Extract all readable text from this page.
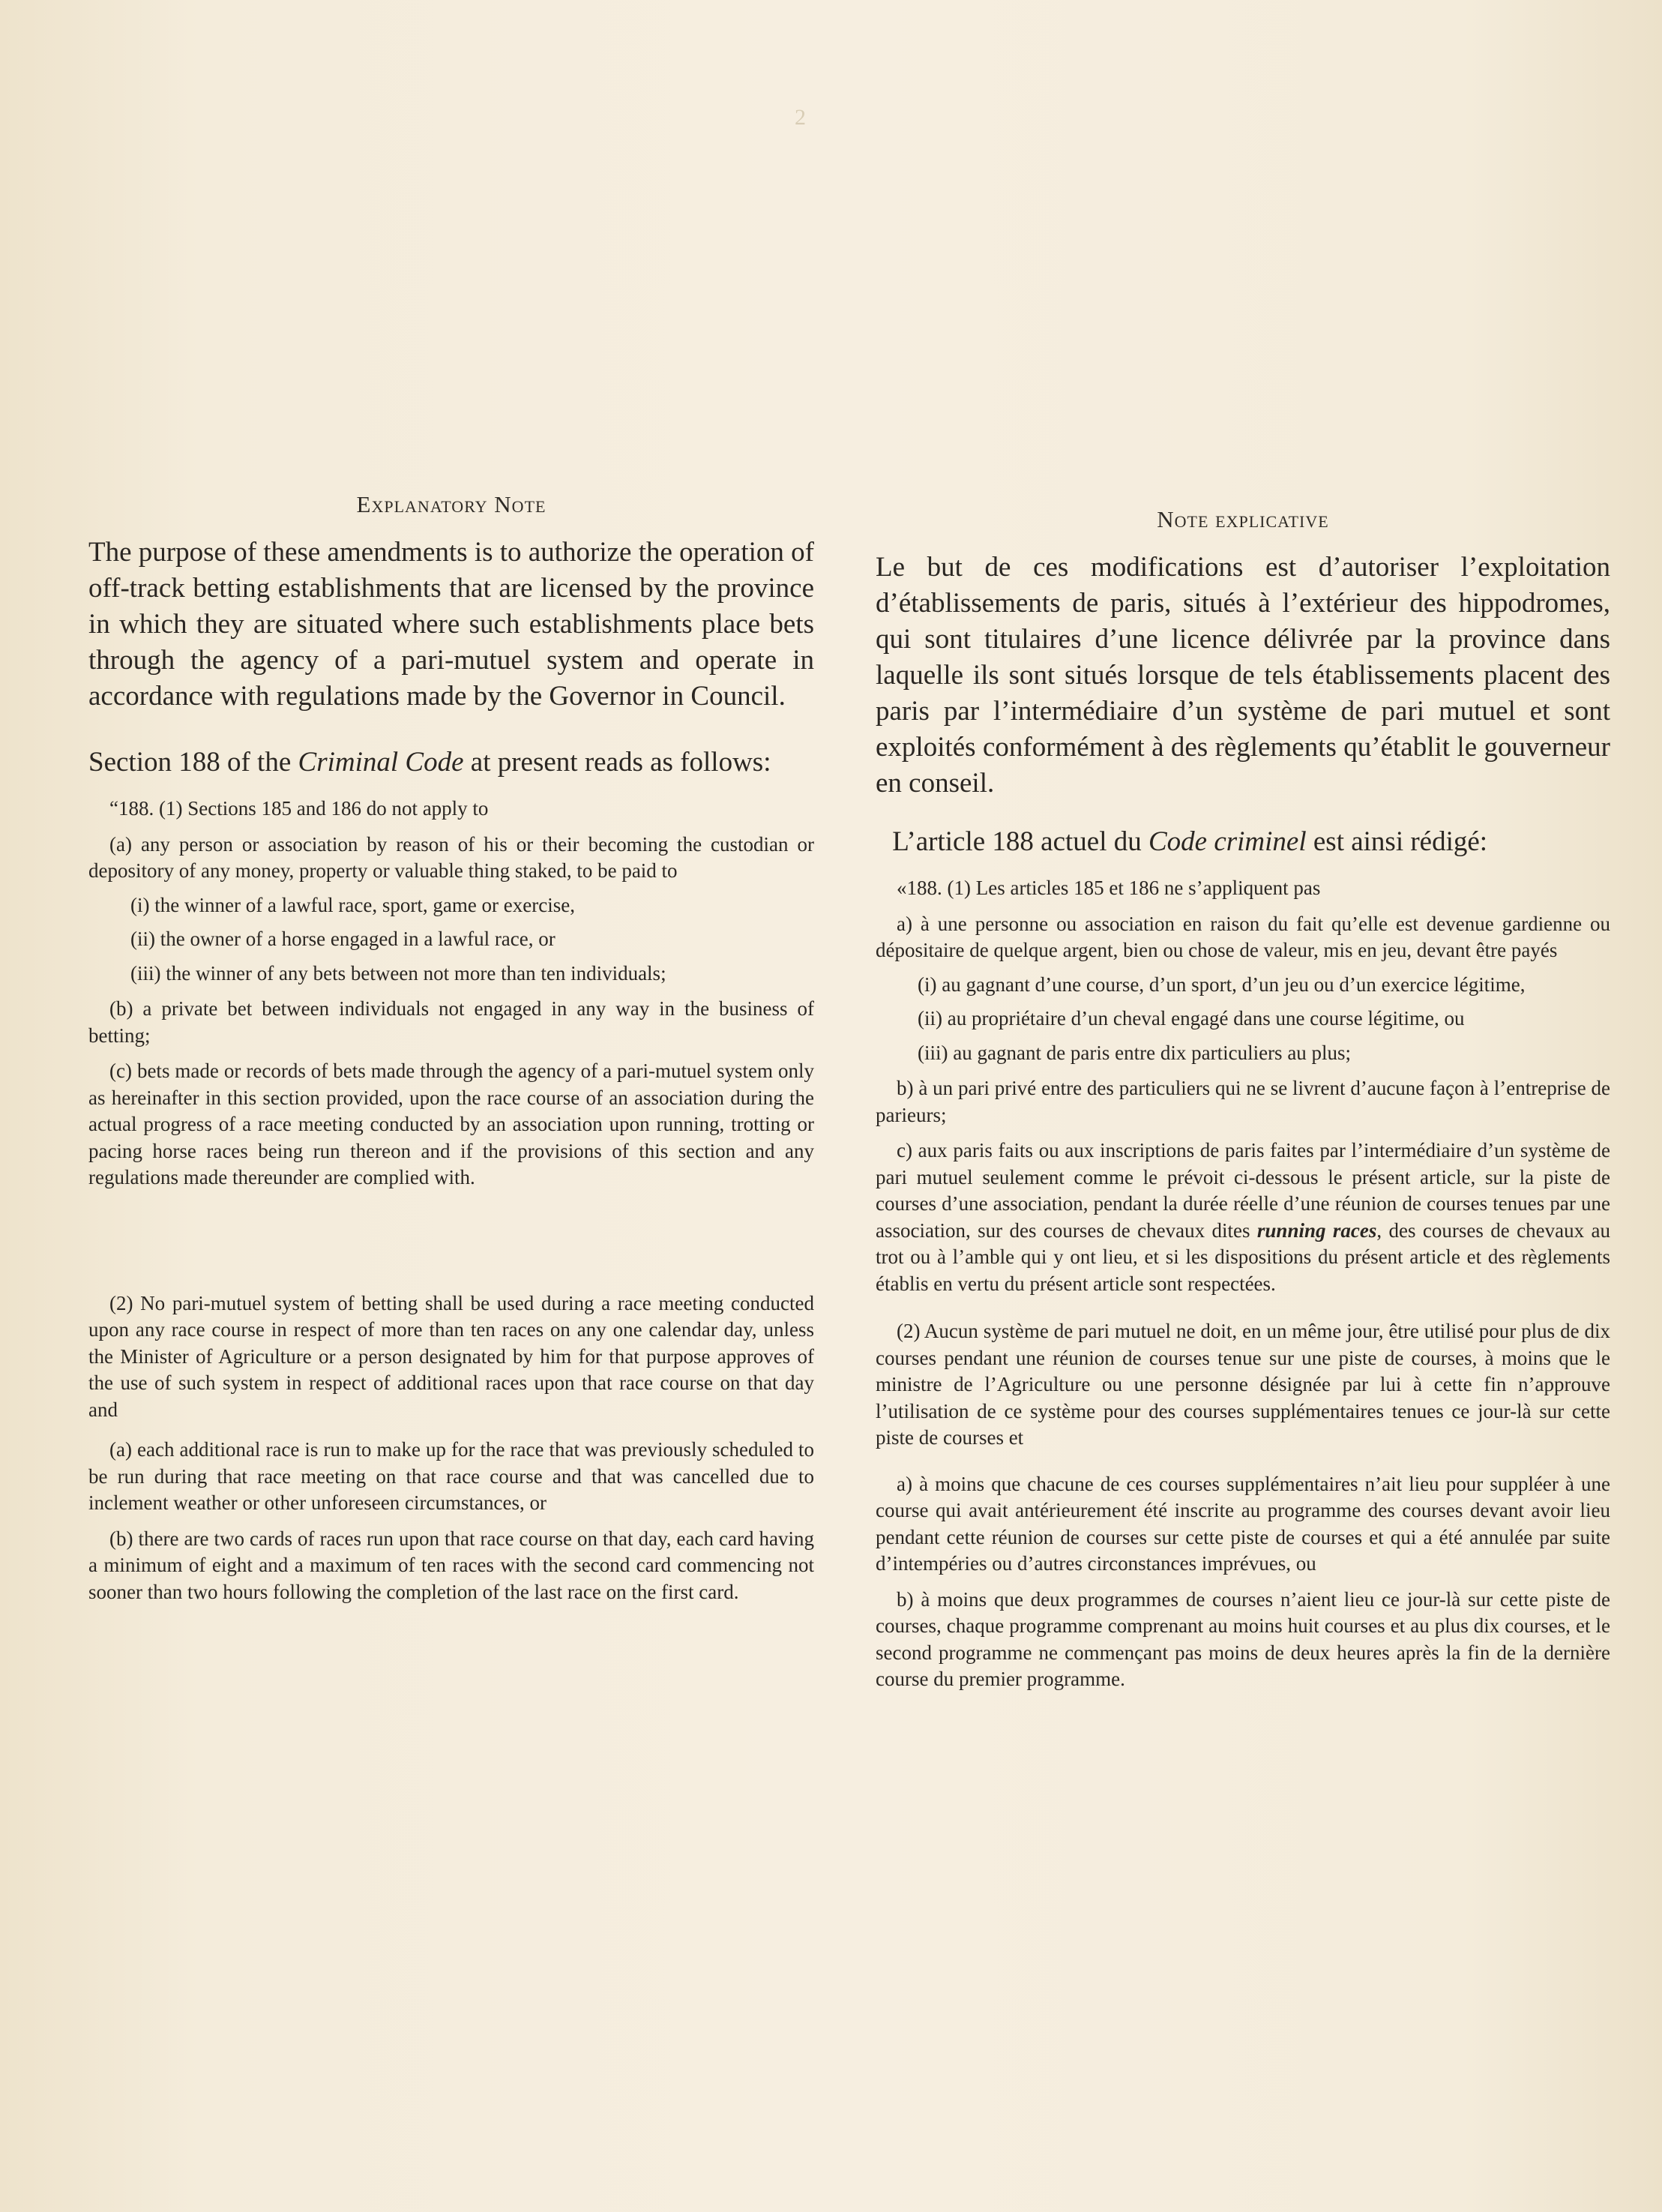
2
Explanatory Note

The purpose of these amendments is to authorize the operation of off-track betting establishments that are licensed by the province in which they are situated where such establishments place bets through the agency of a pari-mutuel system and operate in accordance with regulations made by the Governor in Council.

Section 188 of the Criminal Code at present reads as follows:

“188. (1) Sections 185 and 186 do not apply to

(a) any person or association by reason of his or their becoming the custodian or depository of any money, property or valuable thing staked, to be paid to

(i) the winner of a lawful race, sport, game or exercise,

(ii) the owner of a horse engaged in a lawful race, or

(iii) the winner of any bets between not more than ten individuals;

(b) a private bet between individuals not engaged in any way in the business of betting;

(c) bets made or records of bets made through the agency of a pari-mutuel system only as hereinafter in this section provided, upon the race course of an association during the actual progress of a race meeting conducted by an association upon running, trotting or pacing horse races being run thereon and if the provisions of this section and any regulations made thereunder are complied with.

(2) No pari-mutuel system of betting shall be used during a race meeting conducted upon any race course in respect of more than ten races on any one calendar day, unless the Minister of Agriculture or a person designated by him for that purpose approves of the use of such system in respect of additional races upon that race course on that day and

(a) each additional race is run to make up for the race that was previously scheduled to be run during that race meeting on that race course and that was cancelled due to inclement weather or other unforeseen circumstances, or

(b) there are two cards of races run upon that race course on that day, each card having a minimum of eight and a maximum of ten races with the second card commencing not sooner than two hours following the completion of the last race on the first card.

Note explicative

Le but de ces modifications est d’autoriser l’exploitation d’établissements de paris, situés à l’extérieur des hippodromes, qui sont titulaires d’une licence délivrée par la province dans laquelle ils sont situés lorsque de tels établissements placent des paris par l’intermédiaire d’un système de pari mutuel et sont exploités conformément à des règlements qu’établit le gouverneur en conseil.

L’article 188 actuel du Code criminel est ainsi rédigé:

«188. (1) Les articles 185 et 186 ne s’appliquent pas

a) à une personne ou association en raison du fait qu’elle est devenue gardienne ou dépositaire de quelque argent, bien ou chose de valeur, mis en jeu, devant être payés

(i) au gagnant d’une course, d’un sport, d’un jeu ou d’un exercice légitime,

(ii) au propriétaire d’un cheval engagé dans une course légitime, ou

(iii) au gagnant de paris entre dix particuliers au plus;

b) à un pari privé entre des particuliers qui ne se livrent d’aucune façon à l’entreprise de parieurs;

c) aux paris faits ou aux inscriptions de paris faites par l’intermédiaire d’un système de pari mutuel seulement comme le prévoit ci-dessous le présent article, sur la piste de courses d’une association, pendant la durée réelle d’une réunion de courses tenues par une association, sur des courses de chevaux dites running races, des courses de chevaux au trot ou à l’amble qui y ont lieu, et si les dispositions du présent article et des règlements établis en vertu du présent article sont respectées.

(2) Aucun système de pari mutuel ne doit, en un même jour, être utilisé pour plus de dix courses pendant une réunion de courses tenue sur une piste de courses, à moins que le ministre de l’Agriculture ou une personne désignée par lui à cette fin n’approuve l’utilisation de ce système pour des courses supplémentaires tenues ce jour-là sur cette piste de courses et

a) à moins que chacune de ces courses supplémentaires n’ait lieu pour suppléer à une course qui avait antérieurement été inscrite au programme des courses devant avoir lieu pendant cette réunion de courses sur cette piste de courses et qui a été annulée par suite d’intempéries ou d’autres circonstances imprévues, ou

b) à moins que deux programmes de courses n’aient lieu ce jour-là sur cette piste de courses, chaque programme comprenant au moins huit courses et au plus dix courses, et le second programme ne commençant pas moins de deux heures après la fin de la dernière course du premier programme.
